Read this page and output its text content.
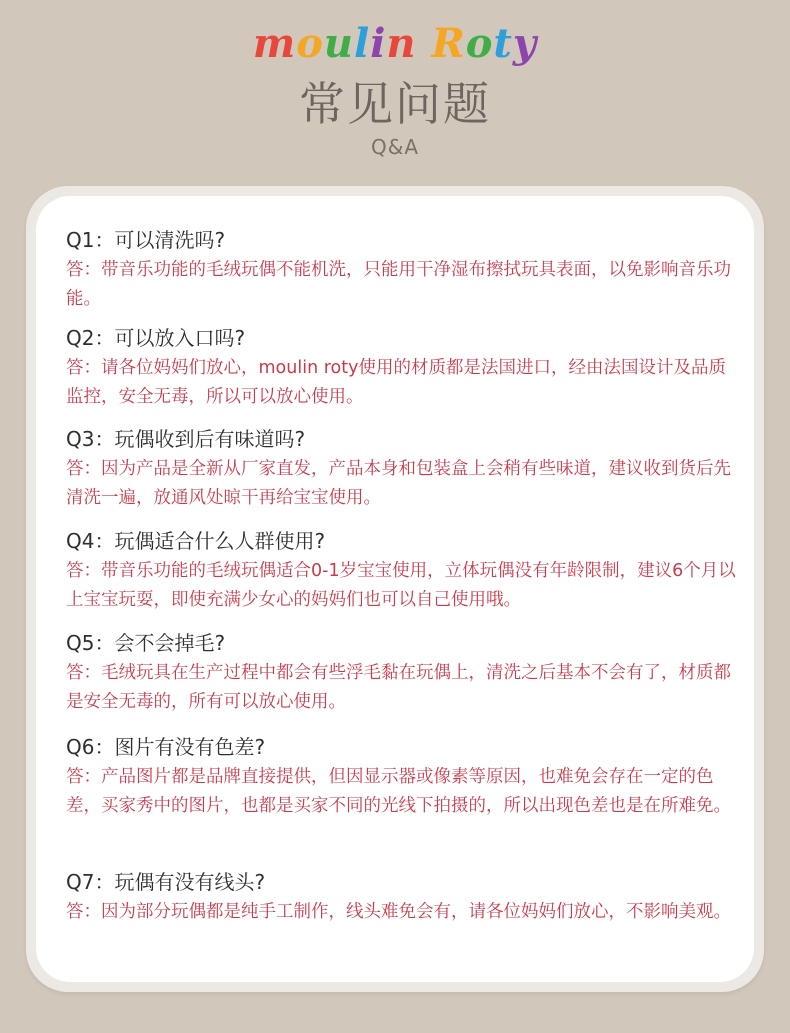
moulin Roty
常见问题
Q&A

Q1：可以清洗吗?

答：带音乐功能的毛绒玩偶不能机洗，只能用干净湿布擦拭玩具表面，以免影响音乐功能。

Q2：可以放入口吗?

答：请各位妈妈们放心，moulin roty使用的材质都是法国进口，经由法国设计及品质监控，安全无毒，所以可以放心使用。

Q3：玩偶收到后有味道吗?

答：因为产品是全新从厂家直发，产品本身和包装盒上会稍有些味道，建议收到货后先清洗一遍，放通风处晾干再给宝宝使用。

Q4：玩偶适合什么人群使用?

答：带音乐功能的毛绒玩偶适合0-1岁宝宝使用，立体玩偶没有年龄限制，建议6个月以上宝宝玩耍，即使充满少女心的妈妈们也可以自己使用哦。

Q5：会不会掉毛?

答：毛绒玩具在生产过程中都会有些浮毛黏在玩偶上，清洗之后基本不会有了，材质都是安全无毒的，所有可以放心使用。

Q6：图片有没有色差?

答：产品图片都是品牌直接提供，但因显示器或像素等原因，也难免会存在一定的色差，买家秀中的图片，也都是买家不同的光线下拍摄的，所以出现色差也是在所难免。

Q7：玩偶有没有线头?

答：因为部分玩偶都是纯手工制作，线头难免会有，请各位妈妈们放心，不影响美观。
